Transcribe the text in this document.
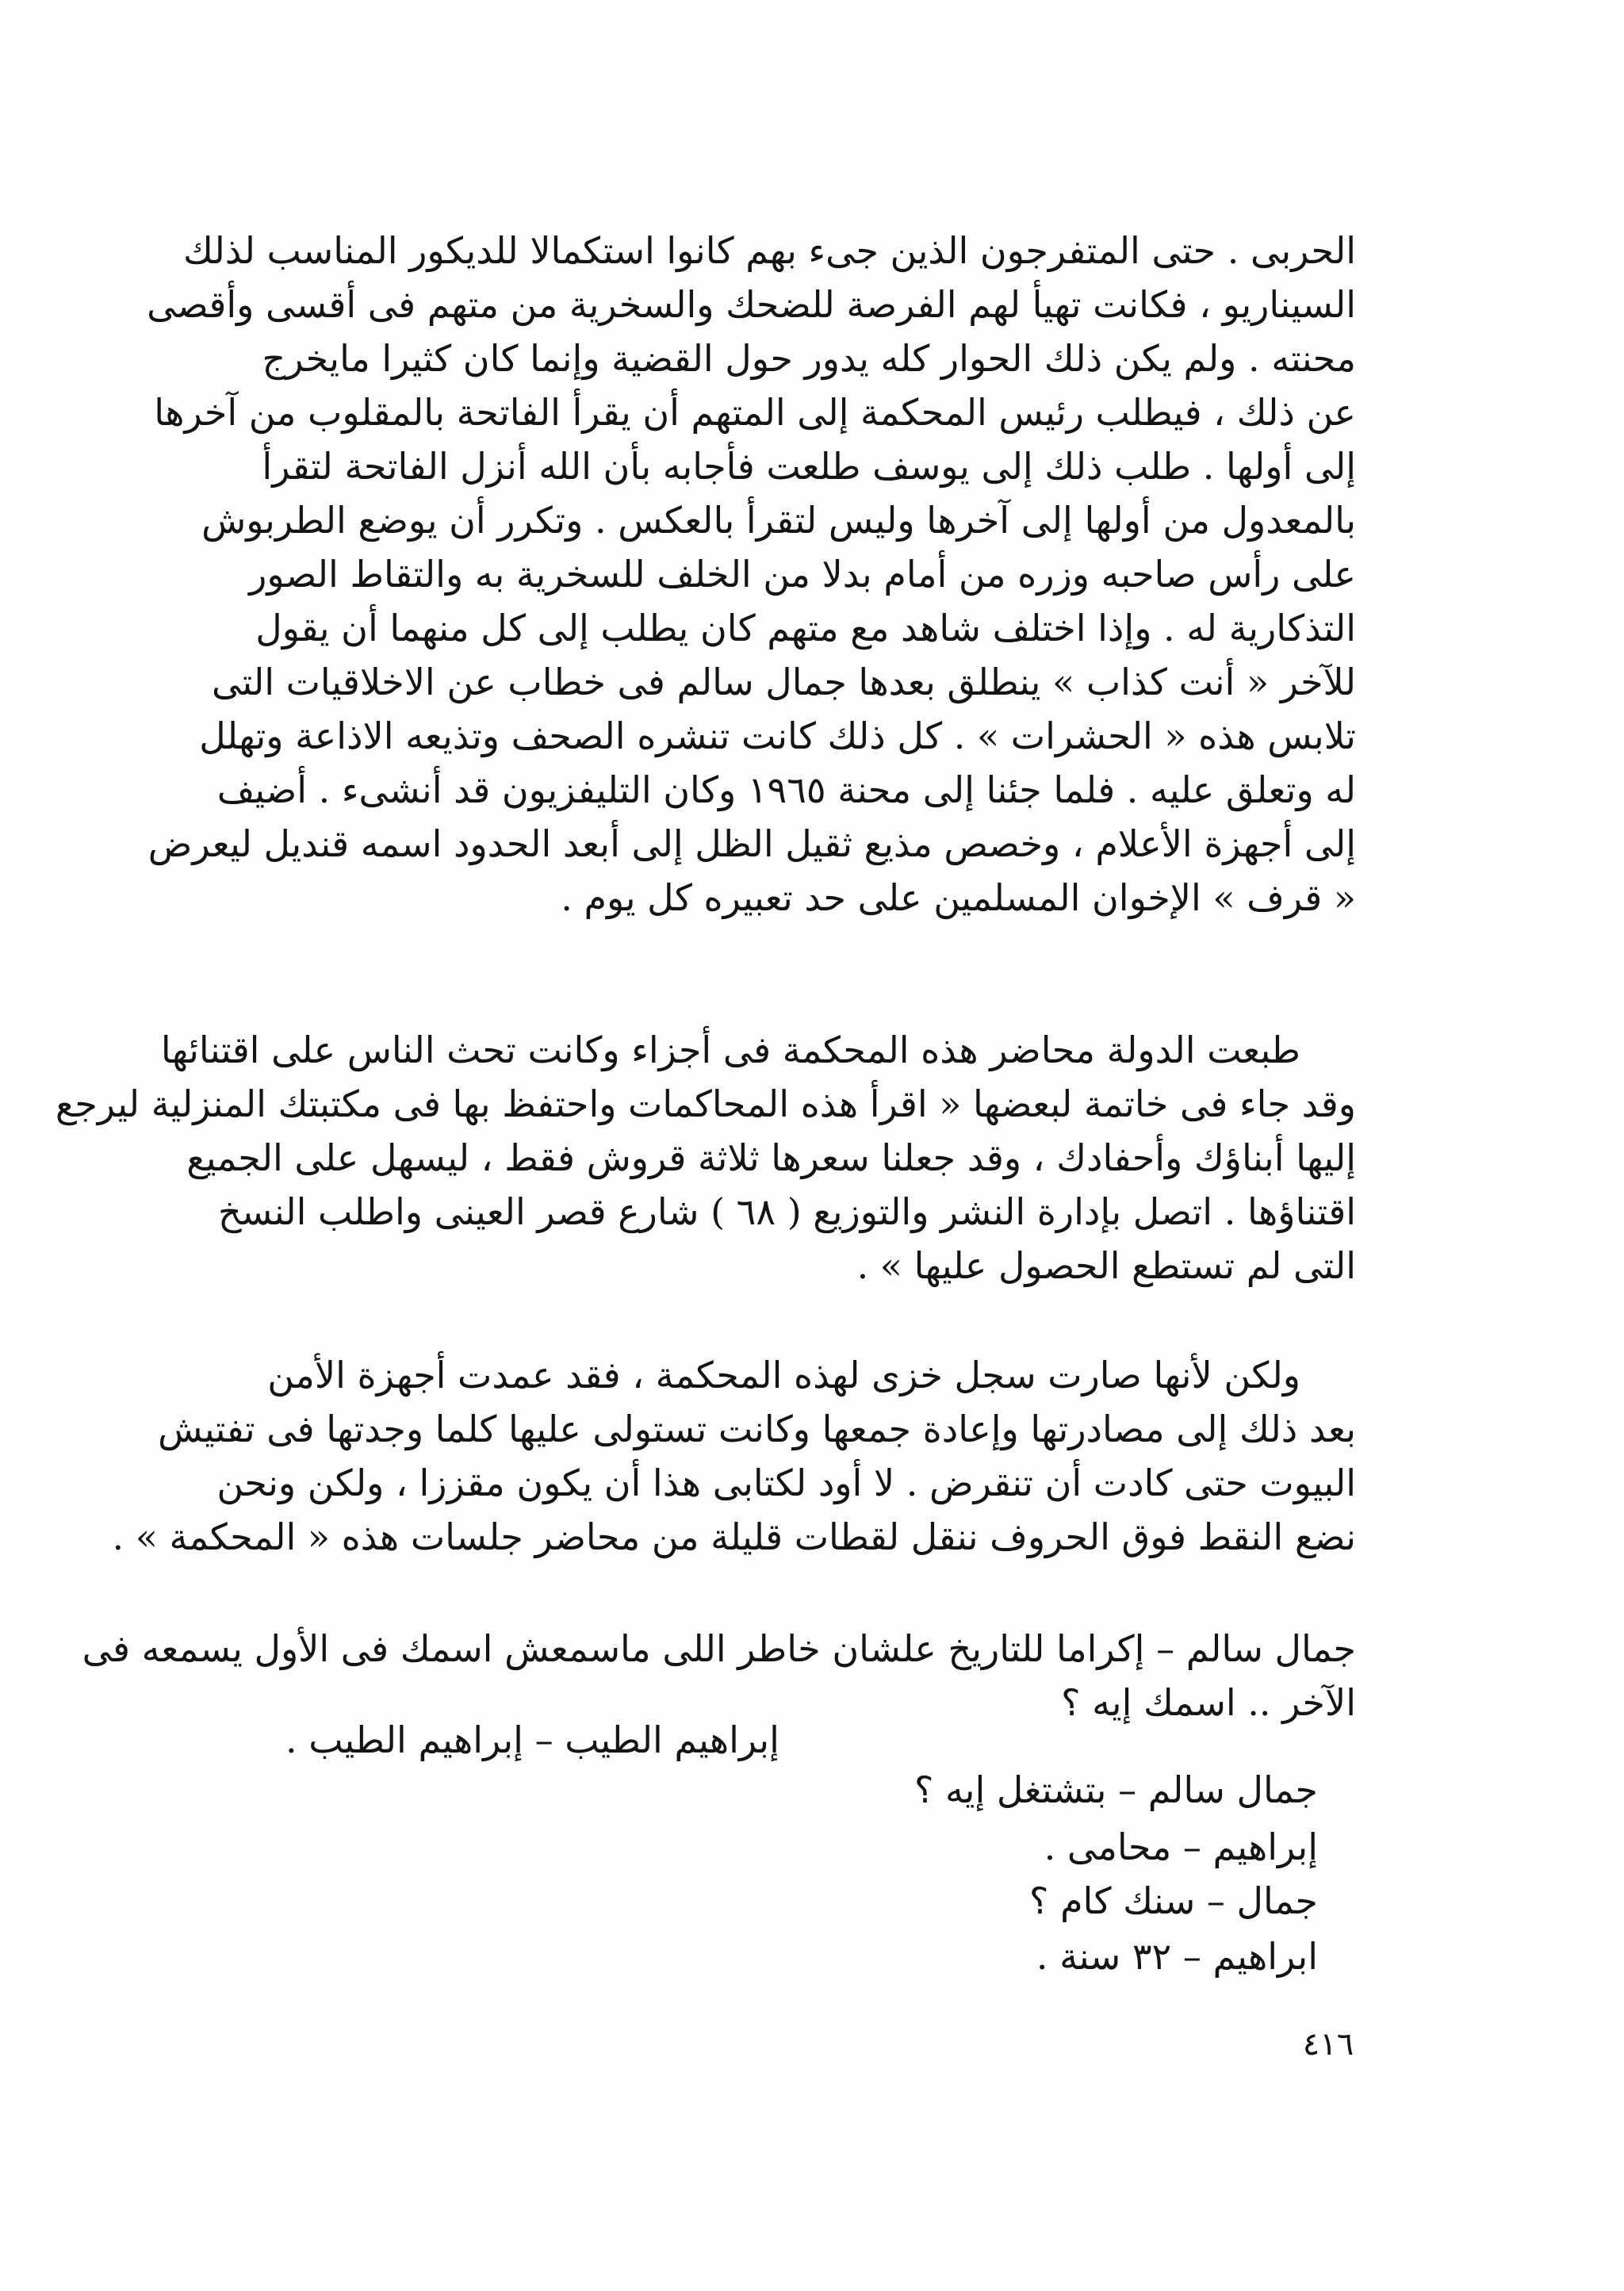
الحربى . حتى المتفرجون الذين جىء بهم كانوا استكمالا للديكور المناسب لذلك
السيناريو ، فكانت تهيأ لهم الفرصة للضحك والسخرية من متهم فى أقسى وأقصى
محنته . ولم يكن ذلك الحوار كله يدور حول القضية وإنما كان كثيرا مايخرج
عن ذلك ، فيطلب رئيس المحكمة إلى المتهم أن يقرأ الفاتحة بالمقلوب من آخرها
إلى أولها . طلب ذلك إلى يوسف طلعت فأجابه بأن الله أنزل الفاتحة لتقرأ
بالمعدول من أولها إلى آخرها وليس لتقرأ بالعكس . وتكرر أن يوضع الطربوش
على رأس صاحبه وزره من أمام بدلا من الخلف للسخرية به والتقاط الصور
التذكارية له . وإذا اختلف شاهد مع متهم كان يطلب إلى كل منهما أن يقول
للآخر « أنت كذاب » ينطلق بعدها جمال سالم فى خطاب عن الاخلاقيات التى
تلابس هذه « الحشرات » . كل ذلك كانت تنشره الصحف وتذيعه الاذاعة وتهلل
له وتعلق عليه . فلما جئنا إلى محنة ١٩٦٥ وكان التليفزيون قد أنشىء . أضيف
إلى أجهزة الأعلام ، وخصص مذيع ثقيل الظل إلى أبعد الحدود اسمه قنديل ليعرض
« قرف » الإخوان المسلمين على حد تعبيره كل يوم .
طبعت الدولة محاضر هذه المحكمة فى أجزاء وكانت تحث الناس على اقتنائها
وقد جاء فى خاتمة لبعضها « اقرأ هذه المحاكمات واحتفظ بها فى مكتبتك المنزلية ليرجع
إليها أبناؤك وأحفادك ، وقد جعلنا سعرها ثلاثة قروش فقط ، ليسهل على الجميع
اقتناؤها . اتصل بإدارة النشر والتوزيع ( ٦٨ ) شارع قصر العينى واطلب النسخ
التى لم تستطع الحصول عليها » .
ولكن لأنها صارت سجل خزى لهذه المحكمة ، فقد عمدت أجهزة الأمن
بعد ذلك إلى مصادرتها وإعادة جمعها وكانت تستولى عليها كلما وجدتها فى تفتيش
البيوت حتى كادت أن تنقرض . لا أود لكتابى هذا أن يكون مقززا ، ولكن ونحن
نضع النقط فوق الحروف ننقل لقطات قليلة من محاضر جلسات هذه « المحكمة » .
جمال سالم – إكراما للتاريخ علشان خاطر اللى ماسمعش اسمك فى الأول يسمعه فى
الآخر .. اسمك إيه ؟
إبراهيم الطيب – إبراهيم الطيب .
جمال سالم – بتشتغل إيه ؟
إبراهيم – محامى .
جمال – سنك كام ؟
ابراهيم – ٣٢ سنة .
٤١٦
